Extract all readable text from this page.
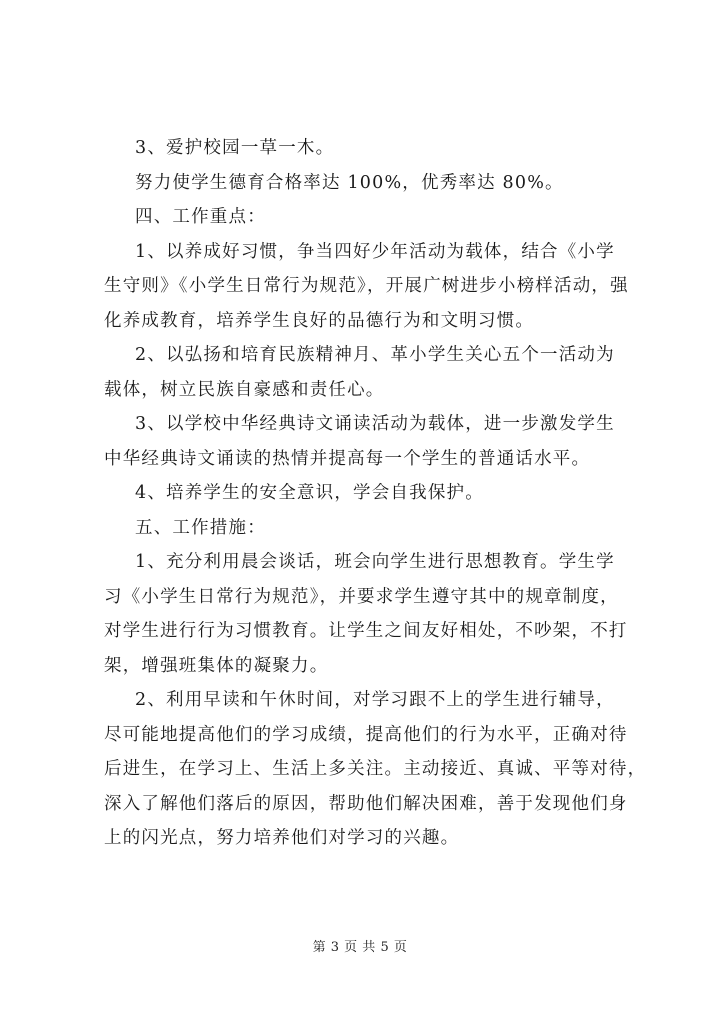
3、爱护校园一草一木。
努力使学生德育合格率达 100%，优秀率达 80%。
四、工作重点：
1、以养成好习惯，争当四好少年活动为载体，结合《小学
生守则》《小学生日常行为规范》，开展广树进步小榜样活动，强
化养成教育，培养学生良好的品德行为和文明习惯。
2、以弘扬和培育民族精神月、革小学生关心五个一活动为
载体，树立民族自豪感和责任心。
3、以学校中华经典诗文诵读活动为载体，进一步激发学生
中华经典诗文诵读的热情并提高每一个学生的普通话水平。
4、培养学生的安全意识，学会自我保护。
五、工作措施：
1、充分利用晨会谈话，班会向学生进行思想教育。学生学
习《小学生日常行为规范》，并要求学生遵守其中的规章制度，
对学生进行行为习惯教育。让学生之间友好相处，不吵架，不打
架，增强班集体的凝聚力。
2、利用早读和午休时间，对学习跟不上的学生进行辅导，
尽可能地提高他们的学习成绩，提高他们的行为水平，正确对待
后进生，在学习上、生活上多关注。主动接近、真诚、平等对待，
深入了解他们落后的原因，帮助他们解决困难，善于发现他们身
上的闪光点，努力培养他们对学习的兴趣。
第 3 页 共 5 页
